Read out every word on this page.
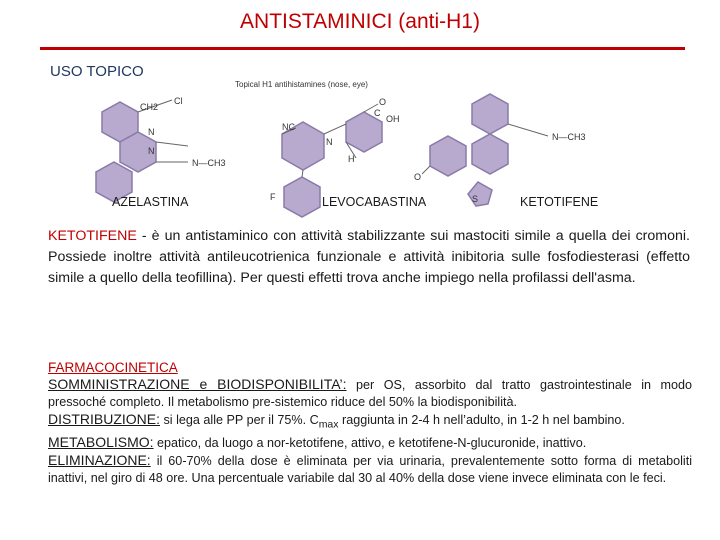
ANTISTAMINICI (anti-H1)
USO TOPICO
Topical H1 antihistamines (nose, eye)
CH2
Cl
N
N
N—CH3
NC
C
OH
O
N
H
F
O
S
N—CH3
AZELASTINA	LEVOCABASTINA	KETOTIFENE
KETOTIFENE - è un antistaminico con attività stabilizzante sui mastociti simile a quella dei cromoni. Possiede inoltre attività antileucotrienica funzionale e attività inibitoria sulle fosfodiesterasi (effetto simile a quello della teofillina). Per questi effetti trova anche impiego nella profilassi dell'asma.
FARMACOCINETICA

SOMMINISTRAZIONE e BIODISPONIBILITA’: per OS, assorbito dal tratto gastrointestinale in modo pressoché completo. Il metabolismo pre-sistemico riduce del 50% la biodisponibilità.

DISTRIBUZIONE: si lega alle PP per il 75%. $C_{max}$ raggiunta in 2-4 h nell’adulto, in 1-2 h nel bambino.

METABOLISMO: epatico, da luogo a nor-ketotifene, attivo, e ketotifene-N-glucuronide, inattivo.

ELIMINAZIONE: il 60-70% della dose è eliminata per via urinaria, prevalentemente sotto forma di metaboliti inattivi, nel giro di 48 ore. Una percentuale variabile dal 30 al 40% della dose viene invece eliminata con le feci.
